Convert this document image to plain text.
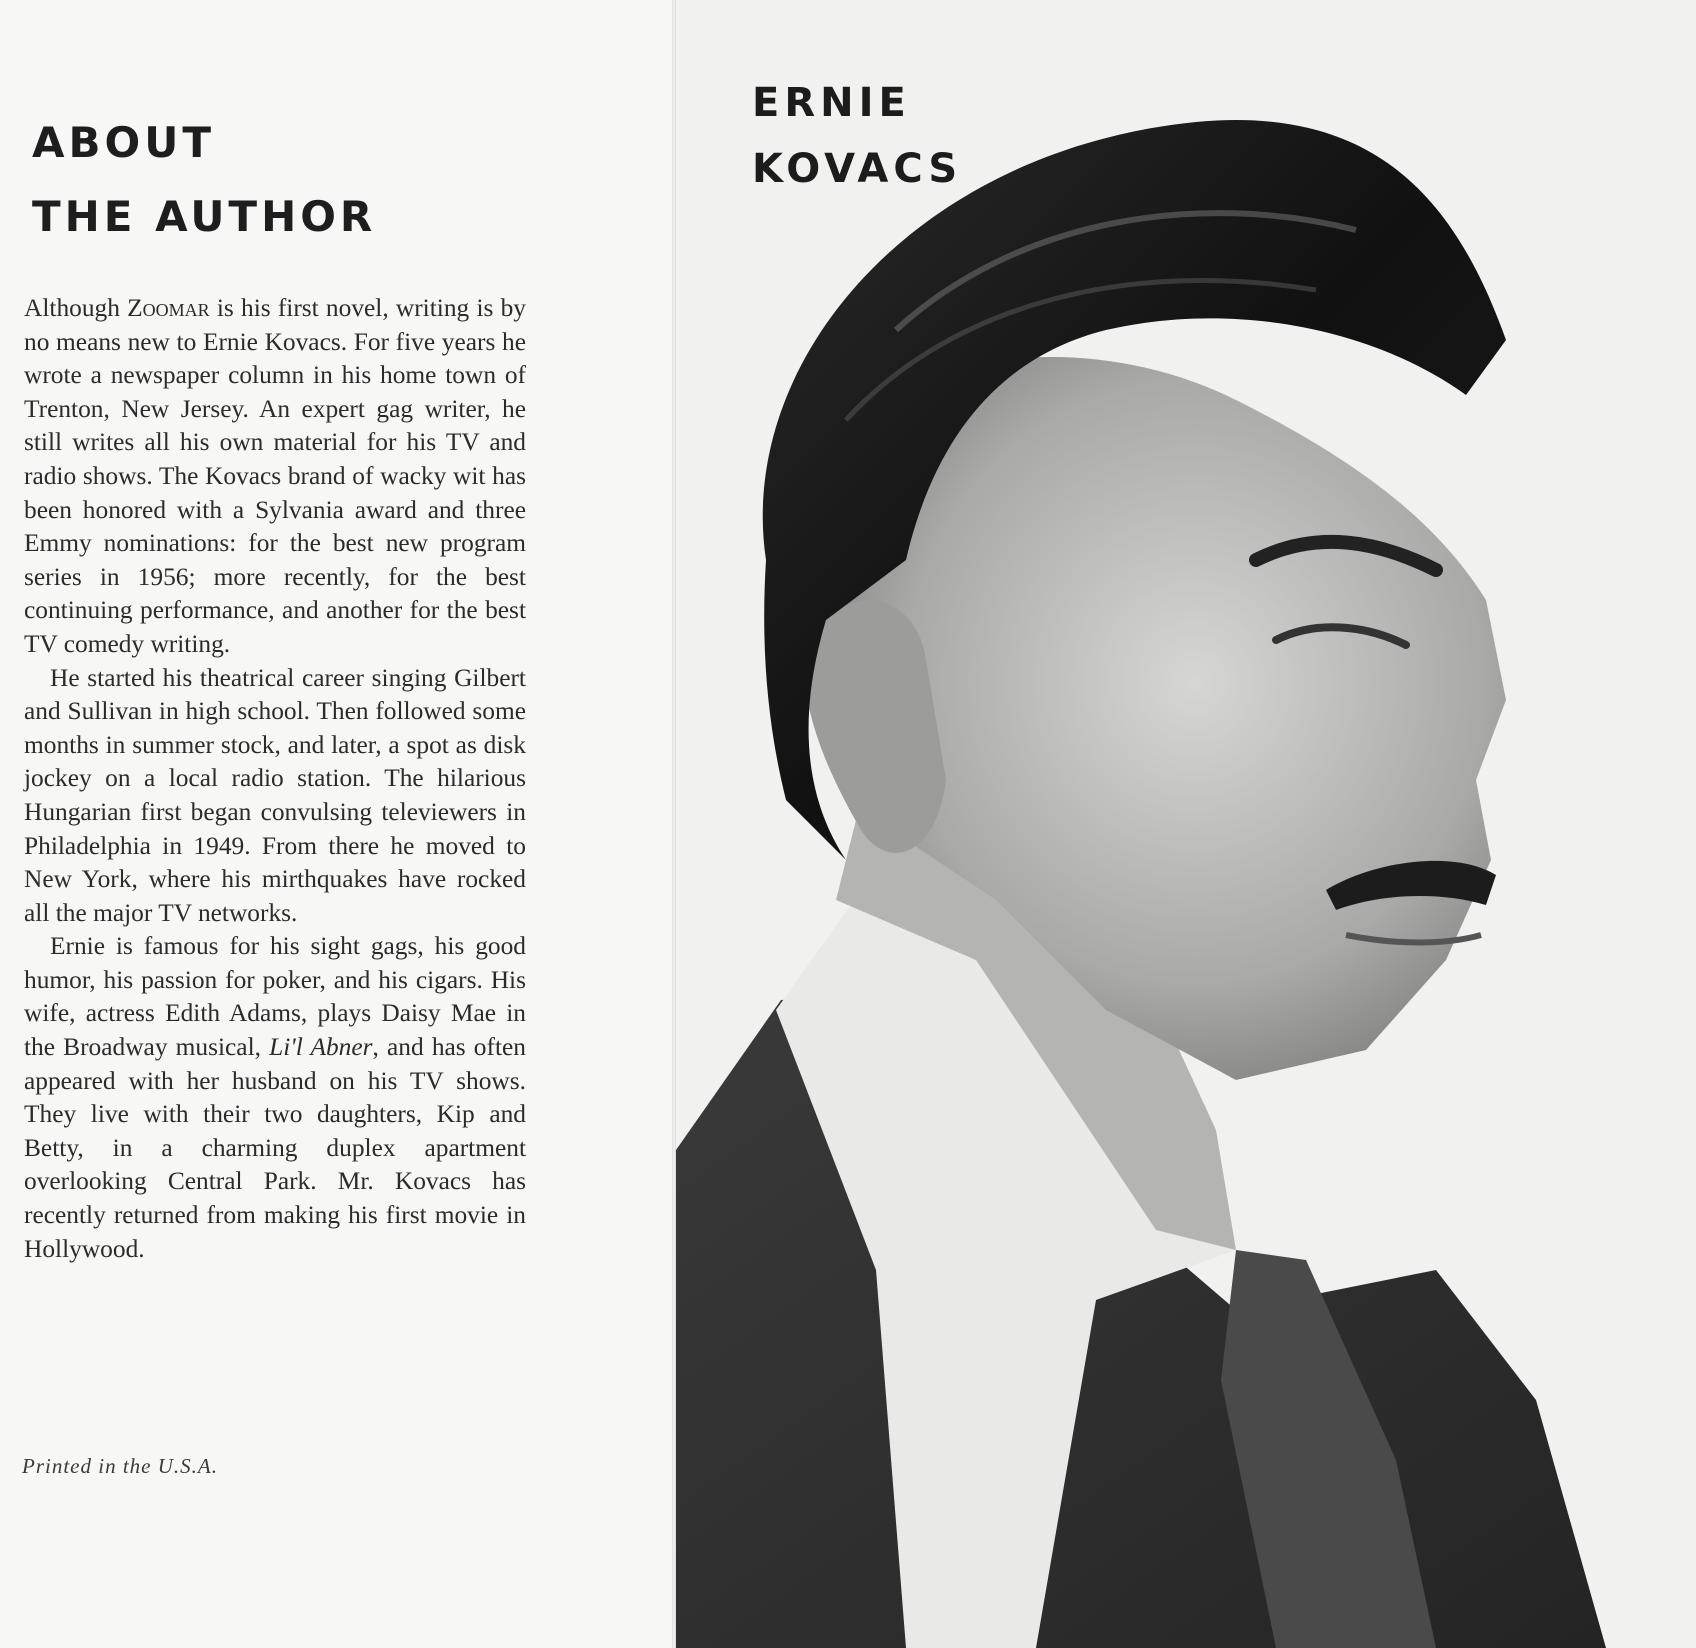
ABOUT
THE AUTHOR

Although Zoomar is his first novel, writing is by no means new to Ernie Kovacs. For five years he wrote a newspaper column in his home town of Trenton, New Jersey. An expert gag writer, he still writes all his own material for his TV and radio shows. The Kovacs brand of wacky wit has been honored with a Sylvania award and three Emmy nominations: for the best new program series in 1956; more recently, for the best continuing performance, and another for the best TV comedy writing.

He started his theatrical career singing Gilbert and Sullivan in high school. Then followed some months in summer stock, and later, a spot as disk jockey on a local radio station. The hilarious Hungarian first began convulsing televiewers in Philadelphia in 1949. From there he moved to New York, where his mirthquakes have rocked all the major TV networks.

Ernie is famous for his sight gags, his good humor, his passion for poker, and his cigars. His wife, actress Edith Adams, plays Daisy Mae in the Broadway musical, Li'l Abner, and has often appeared with her husband on his TV shows. They live with their two daughters, Kip and Betty, in a charming duplex apartment overlooking Central Park. Mr. Kovacs has recently returned from making his first movie in Hollywood.

Printed in the U.S.A.
ERNIE
KOVACS
